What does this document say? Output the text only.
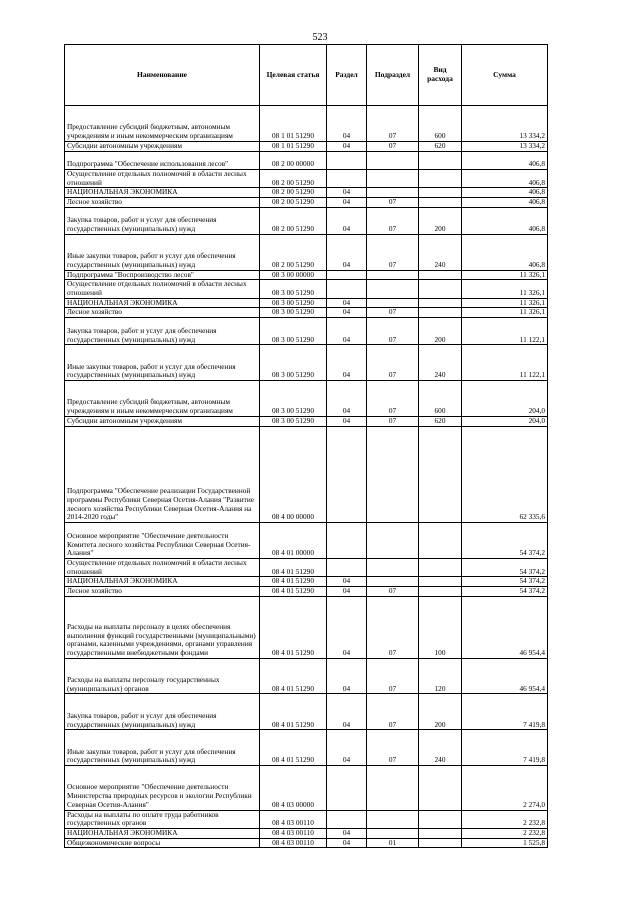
523
Наименование	Целевая статья	Раздел	Подраздел	Вид расхода	Сумма
Предоставление субсидий бюджетным, автономным учреждениям и иным некоммерческим организациям	08 1 01 51290	04	07	600	13 334,2
Субсидии автономным учреждениям	08 1 01 51290	04	07	620	13 334,2
Подпрограмма "Обеспечение использования лесов"	08 2 00 00000				406,8
Осуществление отдельных полномочий в области лесных отношений	08 2 00 51290				406,8
НАЦИОНАЛЬНАЯ ЭКОНОМИКА	08 2 00 51290	04			406,8
Лесное хозяйство	08 2 00 51290	04	07		406,8
Закупка товаров, работ и услуг для обеспечения государственных (муниципальных) нужд	08 2 00 51290	04	07	200	406,8
Иные закупки товаров, работ и услуг для обеспечения государственных (муниципальных) нужд	08 2 00 51290	04	07	240	406,8
Подпрограмма "Воспроизводство лесов"	08 3 00 00000				11 326,1
Осуществление отдельных полномочий в области лесных отношений	08 3 00 51290				11 326,1
НАЦИОНАЛЬНАЯ ЭКОНОМИКА	08 3 00 51290	04			11 326,1
Лесное хозяйство	08 3 00 51290	04	07		11 326,1
Закупка товаров, работ и услуг для обеспечения государственных (муниципальных) нужд	08 3 00 51290	04	07	200	11 122,1
Иные закупки товаров, работ и услуг для обеспечения государственных (муниципальных) нужд	08 3 00 51290	04	07	240	11 122,1
Предоставление субсидий бюджетным, автономным учреждениям и иным некоммерческим организациям	08 3 00 51290	04	07	600	204,0
Субсидии автономным учреждениям	08 3 00 51290	04	07	620	204,0
Подпрограмма "Обеспечение реализации Государственной программы Республики Северная Осетия-Алания "Развитие лесного хозяйства Республики Северная Осетия-Алания на 2014-2020 годы"	08 4 00 00000				62 335,6
Основное мероприятие "Обеспечение деятельности Комитета лесного хозяйства Республики Северная Осетия-Алания"	08 4 01 00000				54 374,2
Осуществление отдельных полномочий в области лесных отношений	08 4 01 51290				54 374,2
НАЦИОНАЛЬНАЯ ЭКОНОМИКА	08 4 01 51290	04			54 374,2
Лесное хозяйство	08 4 01 51290	04	07		54 374,2
Расходы на выплаты персоналу в целях обеспечения выполнения функций государственными (муниципальными) органами, казенными учреждениями, органами управления государственными внебюджетными фондами	08 4 01 51290	04	07	100	46 954,4
Расходы на выплаты персоналу государственных (муниципальных) органов	08 4 01 51290	04	07	120	46 954,4
Закупка товаров, работ и услуг для обеспечения государственных (муниципальных) нужд	08 4 01 51290	04	07	200	7 419,8
Иные закупки товаров, работ и услуг для обеспечения государственных (муниципальных) нужд	08 4 01 51290	04	07	240	7 419,8
Основное мероприятие "Обеспечение деятельности Министерства природных ресурсов и экологии Республики Северная Осетия-Алания"	08 4 03 00000				2 274,0
Расходы на выплаты по оплате труда работников государственных органов	08 4 03 00110				2 232,8
НАЦИОНАЛЬНАЯ ЭКОНОМИКА	08 4 03 00110	04			2 232,8
Общеэкономические вопросы	08 4 03 00110	04	01		1 525,8
